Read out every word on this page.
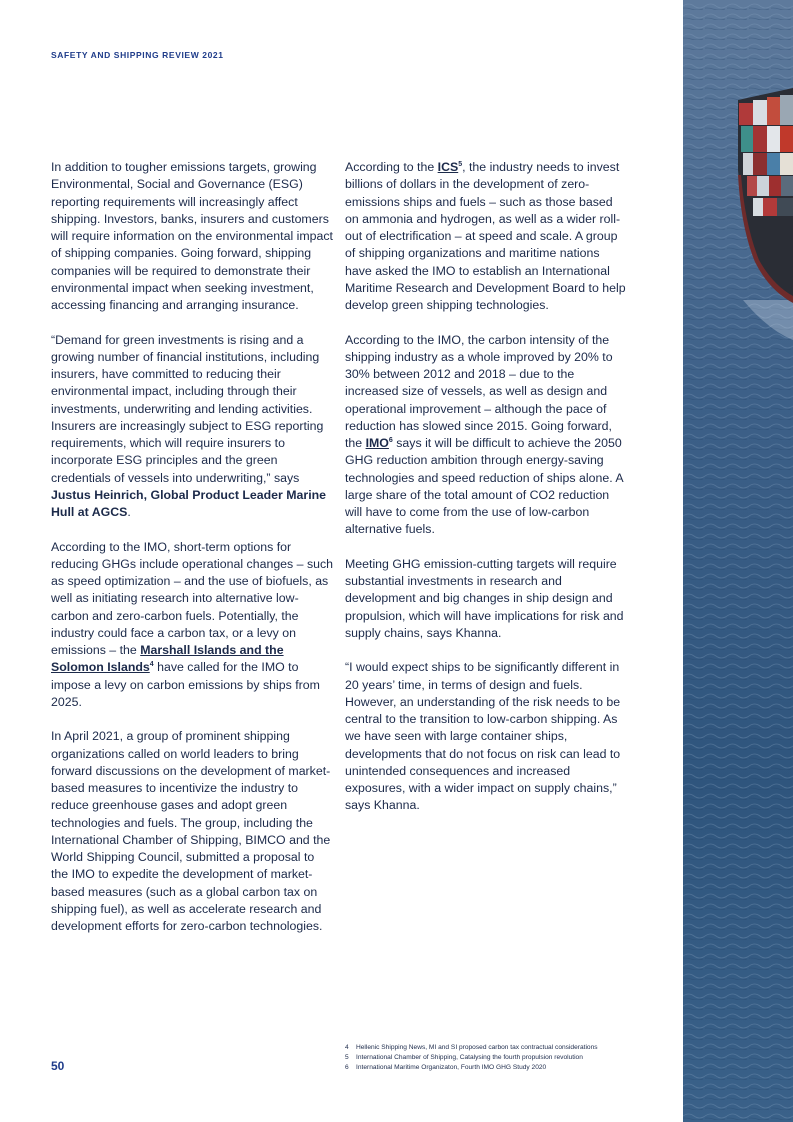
SAFETY AND SHIPPING REVIEW 2021

In addition to tougher emissions targets, growing Environmental, Social and Governance (ESG) reporting requirements will increasingly affect shipping. Investors, banks, insurers and customers will require information on the environmental impact of shipping companies. Going forward, shipping companies will be required to demonstrate their environmental impact when seeking investment, accessing financing and arranging insurance.

“Demand for green investments is rising and a growing number of financial institutions, including insurers, have committed to reducing their environmental impact, including through their investments, underwriting and lending activities. Insurers are increasingly subject to ESG reporting requirements, which will require insurers to incorporate ESG principles and the green credentials of vessels into underwriting,” says Justus Heinrich, Global Product Leader Marine Hull at AGCS.

According to the IMO, short-term options for reducing GHGs include operational changes – such as speed optimization – and the use of biofuels, as well as initiating research into alternative low-carbon and zero-carbon fuels. Potentially, the industry could face a carbon tax, or a levy on emissions – the Marshall Islands and the Solomon Islands$^4$ have called for the IMO to impose a levy on carbon emissions by ships from 2025.

In April 2021, a group of prominent shipping organizations called on world leaders to bring forward discussions on the development of market-based measures to incentivize the industry to reduce greenhouse gases and adopt green technologies and fuels. The group, including the International Chamber of Shipping, BIMCO and the World Shipping Council, submitted a proposal to the IMO to expedite the development of market-based measures (such as a global carbon tax on shipping fuel), as well as accelerate research and development efforts for zero-carbon technologies.

According to the ICS$^5$, the industry needs to invest billions of dollars in the development of zero-emissions ships and fuels – such as those based on ammonia and hydrogen, as well as a wider roll-out of electrification – at speed and scale. A group of shipping organizations and maritime nations have asked the IMO to establish an International Maritime Research and Development Board to help develop green shipping technologies.

According to the IMO, the carbon intensity of the shipping industry as a whole improved by 20% to 30% between 2012 and 2018 – due to the increased size of vessels, as well as design and operational improvement – although the pace of reduction has slowed since 2015. Going forward, the IMO$^6$ says it will be difficult to achieve the 2050 GHG reduction ambition through energy-saving technologies and speed reduction of ships alone. A large share of the total amount of CO2 reduction will have to come from the use of low-carbon alternative fuels.

Meeting GHG emission-cutting targets will require substantial investments in research and development and big changes in ship design and propulsion, which will have implications for risk and supply chains, says Khanna.

“I would expect ships to be significantly different in 20 years’ time, in terms of design and fuels. However, an understanding of the risk needs to be central to the transition to low-carbon shipping. As we have seen with large container ships, developments that do not focus on risk can lead to unintended consequences and increased exposures, with a wider impact on supply chains,” says Khanna.

4 Hellenic Shipping News, MI and SI proposed carbon tax contractual considerations
5 International Chamber of Shipping, Catalysing the fourth propulsion revolution
6 International Maritime Organizaton, Fourth IMO GHG Study 2020
50
